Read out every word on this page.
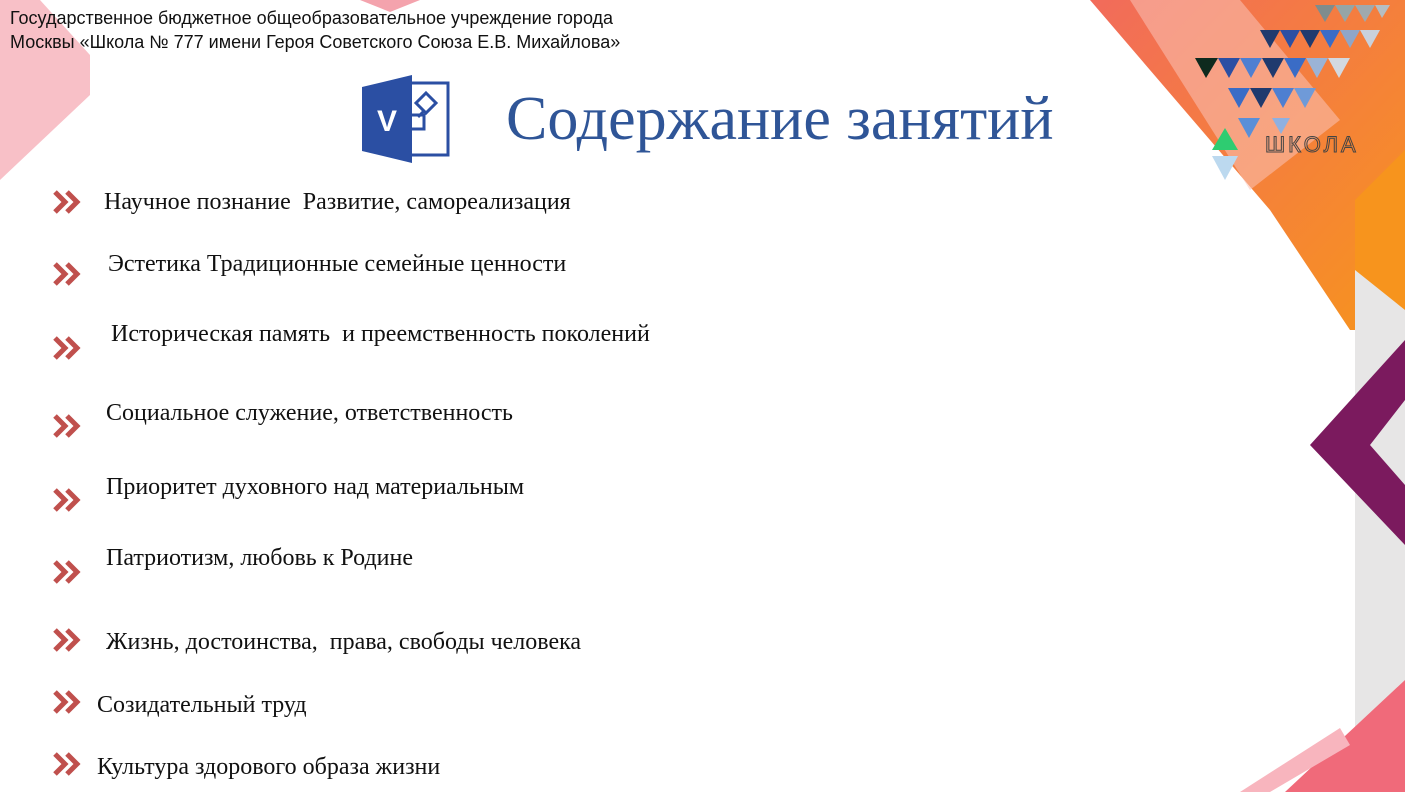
Государственное бюджетное общеобразовательное учреждение города
Москвы «Школа № 777 имени Героя Советского Союза Е.В. Михайлова»
ШКОЛА
V Содержание занятий
Научное познание  Развитие, самореализация
Эстетика Традиционные семейные ценности
Историческая память  и преемственность поколений
Социальное служение, ответственность
Приоритет духовного над материальным
Патриотизм, любовь к Родине
Жизнь, достоинства,  права, свободы человека
Созидательный труд
Культура здорового образа жизни
